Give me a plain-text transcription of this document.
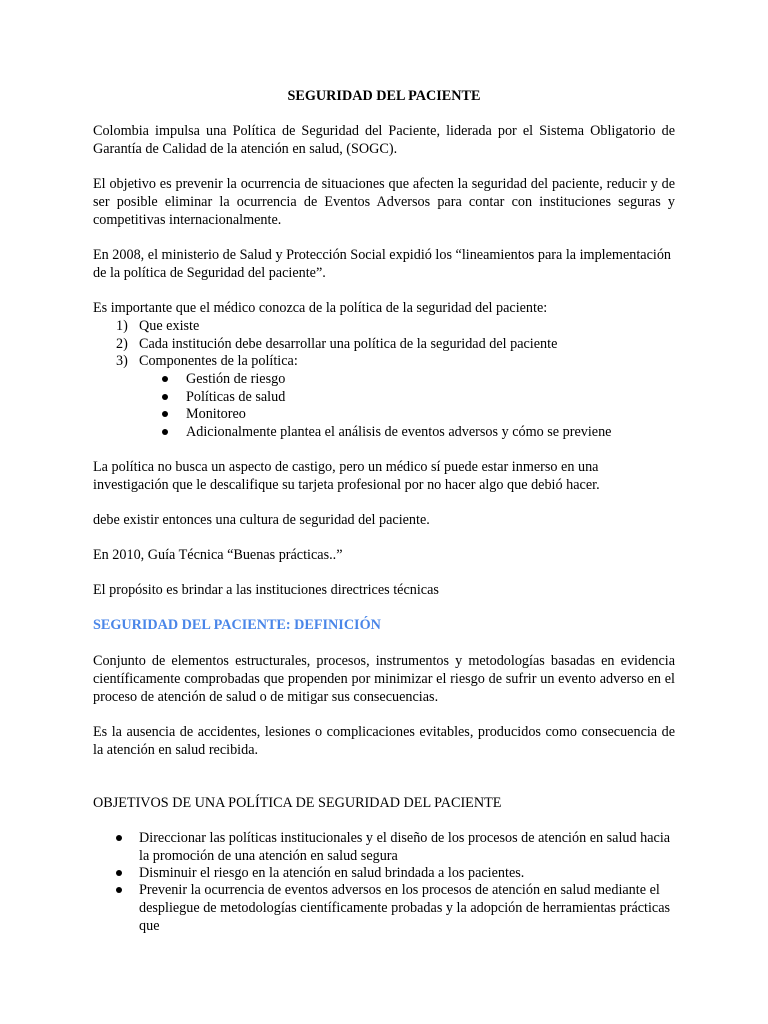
SEGURIDAD DEL PACIENTE
Colombia impulsa una Política de Seguridad del Paciente, liderada por el Sistema Obligatorio de
Garantía de Calidad de la atención en salud, (SOGC).
El objetivo es prevenir la ocurrencia de situaciones que afecten la seguridad del paciente, reducir y de
ser posible eliminar la ocurrencia de Eventos Adversos para contar con instituciones seguras y
competitivas internacionalmente.
En 2008, el ministerio de Salud y Protección Social expidió los “lineamientos para la implementación
de la política de Seguridad del paciente”.
Es importante que el médico conozca de la política de la seguridad del paciente:
1) Que existe
2) Cada institución debe desarrollar una política de la seguridad del paciente
3) Componentes de la política:
Gestión de riesgo
Políticas de salud
Monitoreo
Adicionalmente plantea el análisis de eventos adversos y cómo se previene
La política no busca un aspecto de castigo, pero un médico sí puede estar inmerso en una
investigación que le descalifique su tarjeta profesional por no hacer algo que debió hacer.
debe existir entonces una cultura de seguridad del paciente.
En 2010, Guía Técnica “Buenas prácticas..”
El propósito es brindar a las instituciones directrices técnicas
SEGURIDAD DEL PACIENTE: DEFINICIÓN
Conjunto de elementos estructurales, procesos, instrumentos y metodologías basadas en evidencia
científicamente comprobadas que propenden por minimizar el riesgo de sufrir un evento adverso en el
proceso de atención de salud o de mitigar sus consecuencias.
Es la ausencia de accidentes, lesiones o complicaciones evitables, producidos como consecuencia de
la atención en salud recibida.
OBJETIVOS DE UNA POLÍTICA DE SEGURIDAD DEL PACIENTE
Direccionar las políticas institucionales y el diseño de los procesos de atención en salud hacia
la promoción de una atención en salud segura
Disminuir el riesgo en la atención en salud brindada a los pacientes.
Prevenir la ocurrencia de eventos adversos en los procesos de atención en salud mediante el
despliegue de metodologías científicamente probadas y la adopción de herramientas prácticas
que
